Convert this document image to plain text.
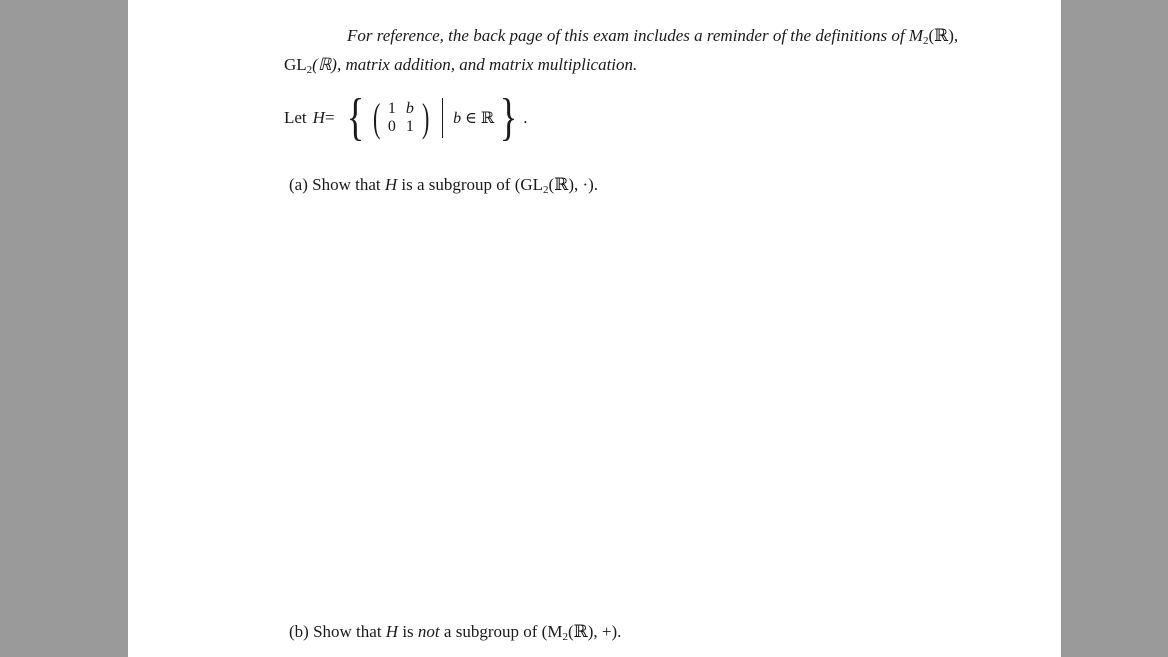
For reference, the back page of this exam includes a reminder of the definitions of $M_2(ℝ)$,
$GL_2(ℝ)$, matrix addition, and matrix multiplication.
Let H = { ( 1 b
0 1 ) b ∈ ℝ } .
(a) Show that H is a subgroup of ($GL_2(ℝ)$, ·).
(b) Show that H is not a subgroup of ($M_2(ℝ)$, +).
